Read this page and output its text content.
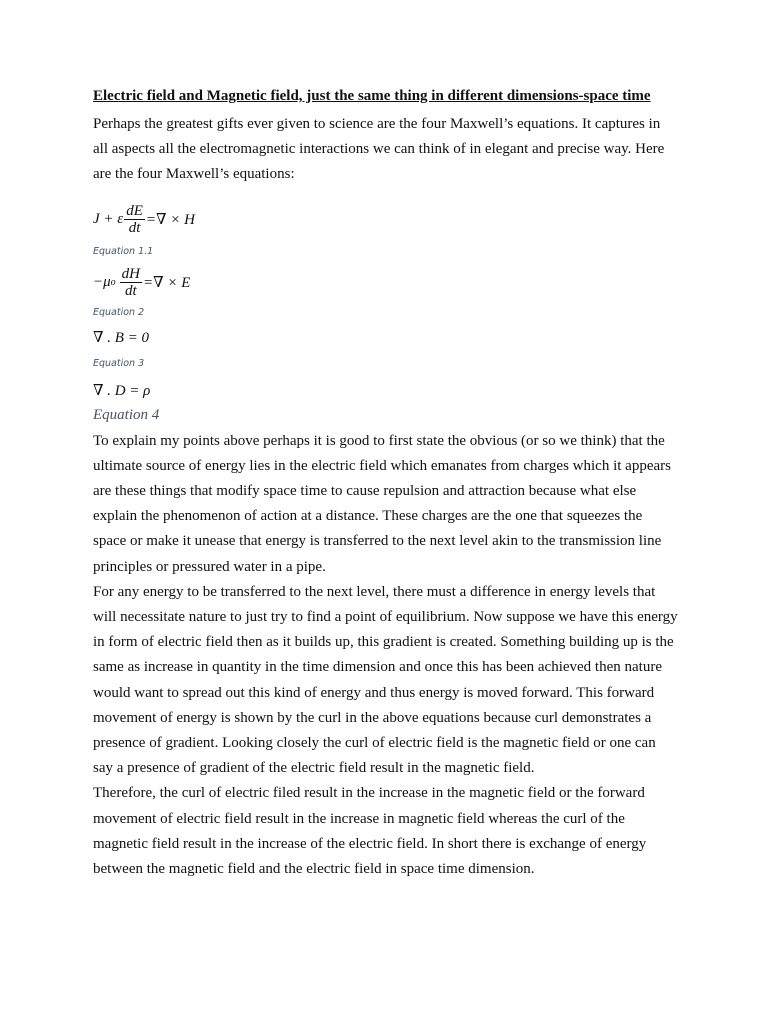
Electric field and Magnetic field, just the same thing in different dimensions-space time

Perhaps the greatest gifts ever given to science are the four Maxwell’s equations. It captures in all aspects all the electromagnetic interactions we can think of in elegant and precise way. Here are the four Maxwell’s equations:

J + ε $\frac{dE}{dt}$ =∇ × H
Equation 1.1
−μ o $\frac{dH}{dt}$ =∇ × E
Equation 2
∇ . B = 0
Equation 3
∇ . D = ρ
Equation 4

To explain my points above perhaps it is good to first state the obvious (or so we think) that the ultimate source of energy lies in the electric field which emanates from charges which it appears are these things that modify space time to cause repulsion and attraction because what else explain the phenomenon of action at a distance. These charges are the one that squeezes the space or make it unease that energy is transferred to the next level akin to the transmission line principles or pressured water in a pipe.

For any energy to be transferred to the next level, there must a difference in energy levels that will necessitate nature to just try to find a point of equilibrium. Now suppose we have this energy in form of electric field then as it builds up, this gradient is created. Something building up is the same as increase in quantity in the time dimension and once this has been achieved then nature would want to spread out this kind of energy and thus energy is moved forward. This forward movement of energy is shown by the curl in the above equations because curl demonstrates a presence of gradient. Looking closely the curl of electric field is the magnetic field or one can say a presence of gradient of the electric field result in the magnetic field.

Therefore, the curl of electric filed result in the increase in the magnetic field or the forward movement of electric field result in the increase in magnetic field whereas the curl of the magnetic field result in the increase of the electric field. In short there is exchange of energy between the magnetic field and the electric field in space time dimension.
